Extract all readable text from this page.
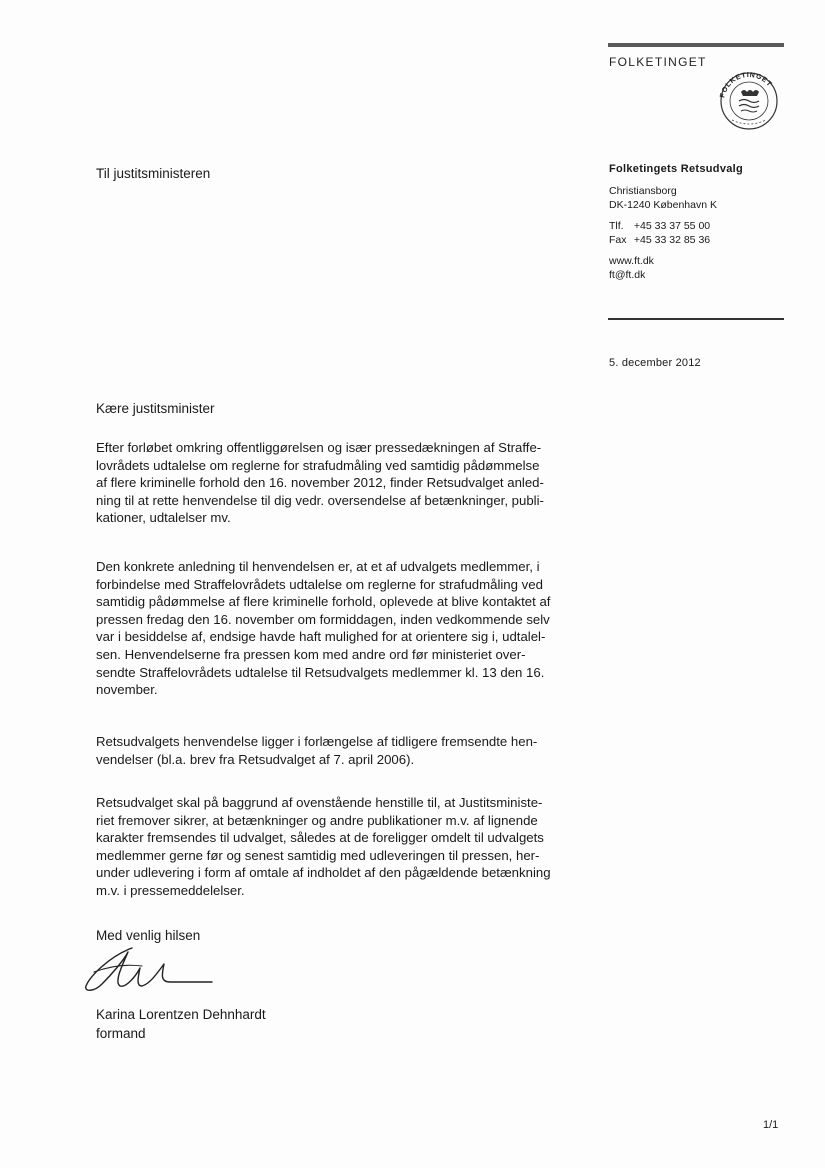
FOLKETINGET
FOLKETINGET
Til justitsministeren	Folketingets Retsudvalg
Christiansborg
DK-1240 København K
Tlf. +45 33 37 55 00
Fax +45 33 32 85 36
www.ft.dk
ft@ft.dk
5. december 2012
Kære justitsminister
Efter forløbet omkring offentliggørelsen og især pressedækningen af Straffe-
lovrådets udtalelse om reglerne for strafudmåling ved samtidig pådømmelse
af flere kriminelle forhold den 16. november 2012, finder Retsudvalget anled-
ning til at rette henvendelse til dig vedr. oversendelse af betænkninger, publi-
kationer, udtalelser mv.
Den konkrete anledning til henvendelsen er, at et af udvalgets medlemmer, i
forbindelse med Straffelovrådets udtalelse om reglerne for strafudmåling ved
samtidig pådømmelse af flere kriminelle forhold, oplevede at blive kontaktet af
pressen fredag den 16. november om formiddagen, inden vedkommende selv
var i besiddelse af, endsige havde haft mulighed for at orientere sig i, udtalel-
sen. Henvendelserne fra pressen kom med andre ord før ministeriet over-
sendte Straffelovrådets udtalelse til Retsudvalgets medlemmer kl. 13 den 16.
november.
Retsudvalgets henvendelse ligger i forlængelse af tidligere fremsendte hen-
vendelser (bl.a. brev fra Retsudvalget af 7. april 2006).
Retsudvalget skal på baggrund af ovenstående henstille til, at Justitsministe-
riet fremover sikrer, at betænkninger og andre publikationer m.v. af lignende
karakter fremsendes til udvalget, således at de foreligger omdelt til udvalgets
medlemmer gerne før og senest samtidig med udleveringen til pressen, her-
under udlevering i form af omtale af indholdet af den pågældende betænkning
m.v. i pressemeddelelser.
Med venlig hilsen
Karina Lorentzen Dehnhardt
formand
1/1
